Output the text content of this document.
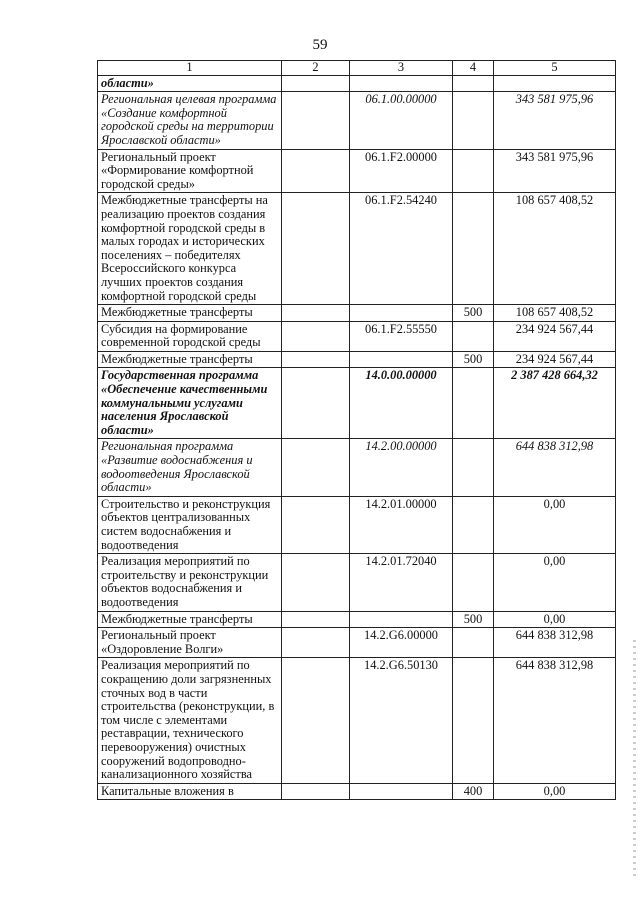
59
1	2	3	4	5
области»				
Региональная целевая программа «Создание комфортной городской среды на территории Ярославской области»		06.1.00.00000		343 581 975,96
Региональный проект «Формирование комфортной городской среды»		06.1.F2.00000		343 581 975,96
Межбюджетные трансферты на реализацию проектов создания комфортной городской среды в малых городах и исторических поселениях – победителях Всероссийского конкурса лучших проектов создания комфортной городской среды		06.1.F2.54240		108 657 408,52
Межбюджетные трансферты			500	108 657 408,52
Субсидия на формирование современной городской среды		06.1.F2.55550		234 924 567,44
Межбюджетные трансферты			500	234 924 567,44
Государственная программа «Обеспечение качественными коммунальными услугами населения Ярославской области»		14.0.00.00000		2 387 428 664,32
Региональная программа «Развитие водоснабжения и водоотведения Ярославской области»		14.2.00.00000		644 838 312,98
Строительство и реконструкция объектов централизованных систем водоснабжения и водоотведения		14.2.01.00000		0,00
Реализация мероприятий по строительству и реконструкции объектов водоснабжения и водоотведения		14.2.01.72040		0,00
Межбюджетные трансферты			500	0,00
Региональный проект «Оздоровление Волги»		14.2.G6.00000		644 838 312,98
Реализация мероприятий по сокращению доли загрязненных сточных вод в части строительства (реконструкции, в том числе с элементами реставрации, технического перевооружения) очистных сооружений водопроводно-канализационного хозяйства		14.2.G6.50130		644 838 312,98
Капитальные вложения в			400	0,00
